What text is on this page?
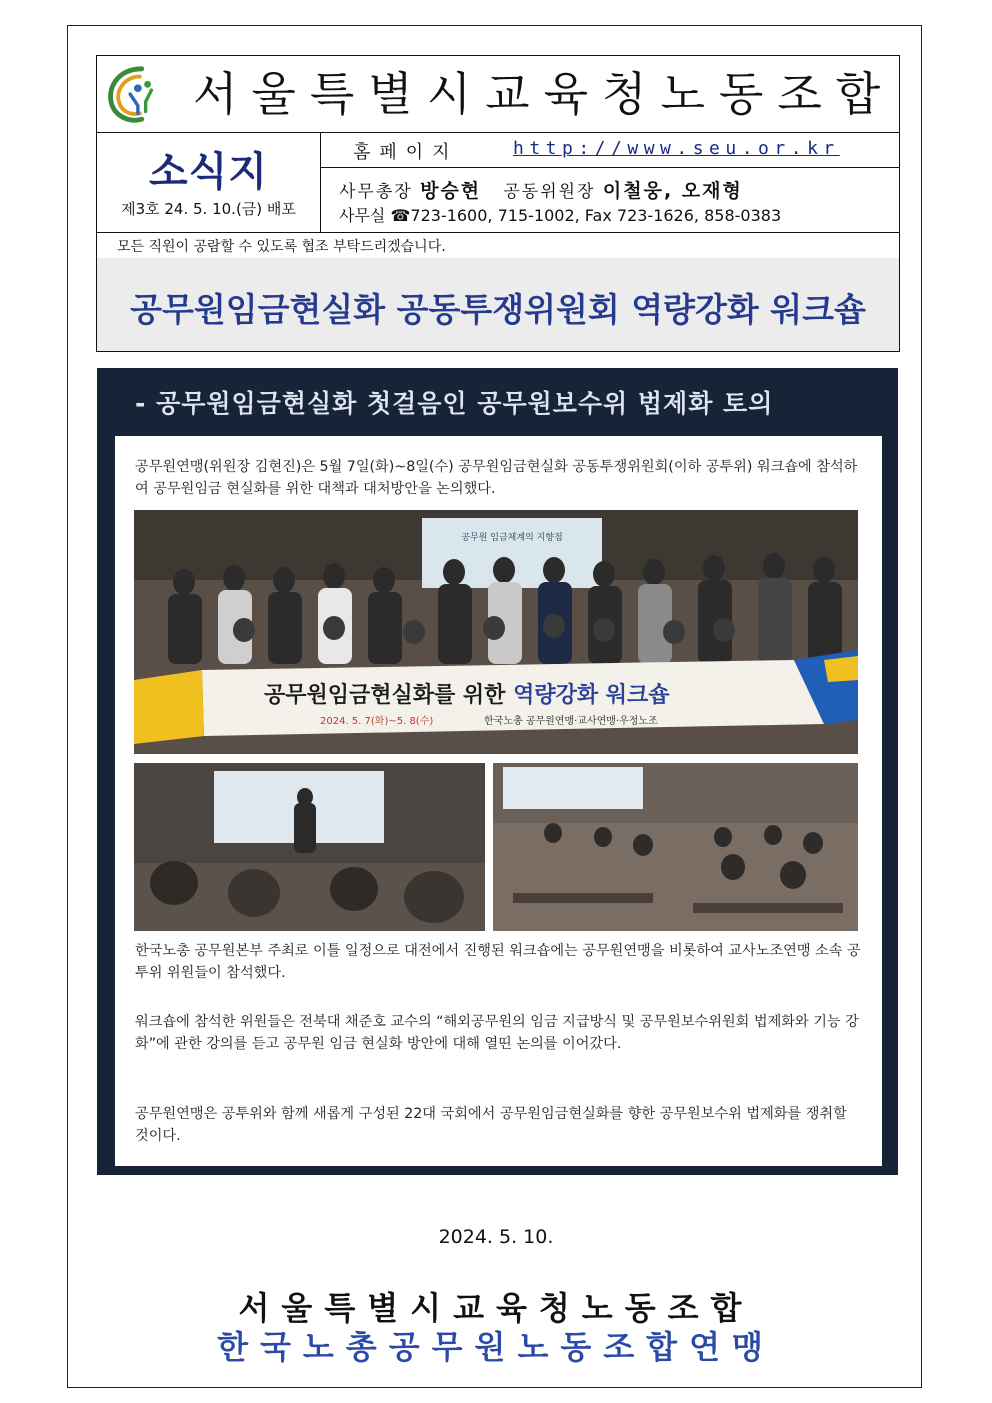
서울특별시교육청노동조합
소식지
제3호 24. 5. 10.(금) 배포
홈페이지	http://www.seu.or.kr
사무총장 방승현   공동위원장 이철웅, 오재형
사무실 ☎723-1600, 715-1002, Fax 723-1626, 858-0383
모든 직원이 공람할 수 있도록 협조 부탁드리겠습니다.
공무원임금현실화 공동투쟁위원회 역량강화 워크숍
- 공무원임금현실화 첫걸음인 공무원보수위 법제화 토의
공무원연맹(위원장 김현진)은 5월 7일(화)~8일(수) 공무원임금현실화 공동투쟁위원회(이하 공투위) 워크숍에 참석하여 공무원임금 현실화를 위한 대책과 대처방안을 논의했다.
공무원 임금체계의 지향점
공무원임금현실화를 위한 역량강화 워크숍
2024. 5. 7(화)~5. 8(수)	한국노총 공무원연맹·교사연맹·우정노조
한국노총 공무원본부 주최로 이틀 일정으로 대전에서 진행된 워크숍에는 공무원연맹을 비롯하여 교사노조연맹 소속 공투위 위원들이 참석했다.
워크숍에 참석한 위원들은 전북대 채준호 교수의 “해외공무원의 임금 지급방식 및 공무원보수위원회 법제화와 기능 강화”에 관한 강의를 듣고 공무원 임금 현실화 방안에 대해 열띤 논의를 이어갔다.
공무원연맹은 공투위와 함께 새롭게 구성된 22대 국회에서 공무원임금현실화를 향한 공무원보수위 법제화를 쟁취할 것이다.
2024. 5. 10.
서울특별시교육청노동조합
한국노총공무원노동조합연맹
